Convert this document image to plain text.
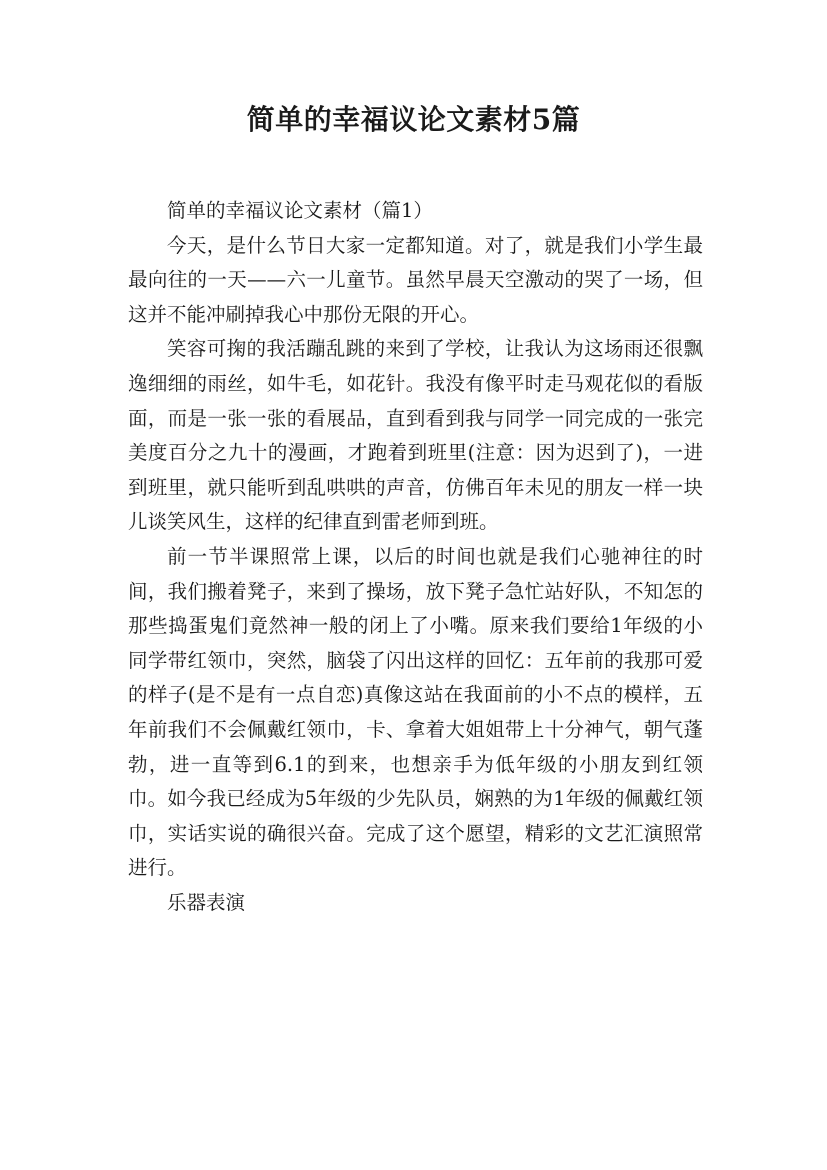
简单的幸福议论文素材5篇

简单的幸福议论文素材（篇1）

今天，是什么节日大家一定都知道。对了，就是我们小学生最最向往的一天——六一儿童节。虽然早晨天空激动的哭了一场，但这并不能冲刷掉我心中那份无限的开心。

笑容可掬的我活蹦乱跳的来到了学校，让我认为这场雨还很飘逸细细的雨丝，如牛毛，如花针。我没有像平时走马观花似的看版面，而是一张一张的看展品，直到看到我与同学一同完成的一张完美度百分之九十的漫画，才跑着到班里(注意：因为迟到了)，一进到班里，就只能听到乱哄哄的声音，仿佛百年未见的朋友一样一块儿谈笑风生，这样的纪律直到雷老师到班。

前一节半课照常上课，以后的时间也就是我们心驰神往的时间，我们搬着凳子，来到了操场，放下凳子急忙站好队，不知怎的那些捣蛋鬼们竟然神一般的闭上了小嘴。原来我们要给1年级的小同学带红领巾，突然，脑袋了闪出这样的回忆：五年前的我那可爱的样子(是不是有一点自恋)真像这站在我面前的小不点的模样，五年前我们不会佩戴红领巾，卡、拿着大姐姐带上十分神气，朝气蓬勃，进一直等到6.1的到来，也想亲手为低年级的小朋友到红领巾。如今我已经成为5年级的少先队员，娴熟的为1年级的佩戴红领巾，实话实说的确很兴奋。完成了这个愿望，精彩的文艺汇演照常进行。

乐器表演
